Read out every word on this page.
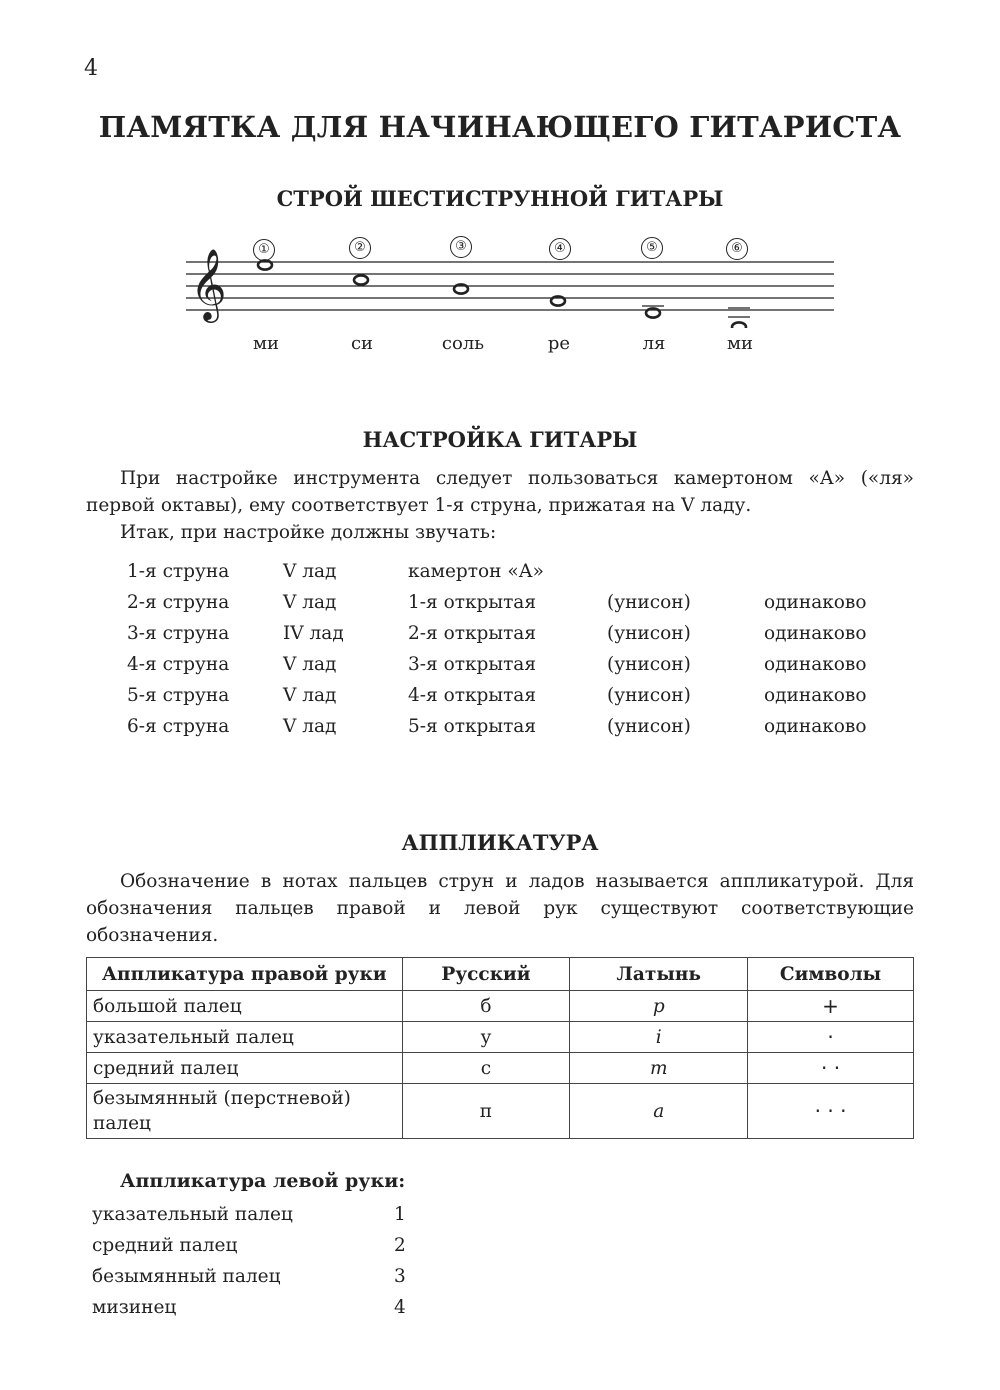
4
ПАМЯТКА ДЛЯ НАЧИНАЮЩЕГО ГИТАРИСТА
СТРОЙ ШЕСТИСТРУННОЙ ГИТАРЫ
𝄞	①	②	③	④	⑤	⑥
ми	си	соль	ре	ля	ми
НАСТРОЙКА ГИТАРЫ
При настройке инструмента следует пользоваться камертоном «А» («ля» первой октавы), ему соответствует 1-я струна, прижатая на V ладу.
Итак, при настройке должны звучать:
1-я струна	V лад	камертон «А»
2-я струна	V лад	1-я открытая	(унисон)	одинаково
3-я струна	IV лад	2-я открытая	(унисон)	одинаково
4-я струна	V лад	3-я открытая	(унисон)	одинаково
5-я струна	V лад	4-я открытая	(унисон)	одинаково
6-я струна	V лад	5-я открытая	(унисон)	одинаково
АППЛИКАТУРА
Обозначение в нотах пальцев струн и ладов называется аппликатурой. Для обозначения пальцев правой и левой рук существуют соответствующие обозначения.
Аппликатура правой руки	Русский	Латынь	Символы
большой палец	б	p	+
указательный палец	у	i	·
средний палец	с	m	· ·
безымянный (перстневой) палец	п	a	· · ·
Аппликатура левой руки:
указательный палец	1
средний палец	2
безымянный палец	3
мизинец	4
